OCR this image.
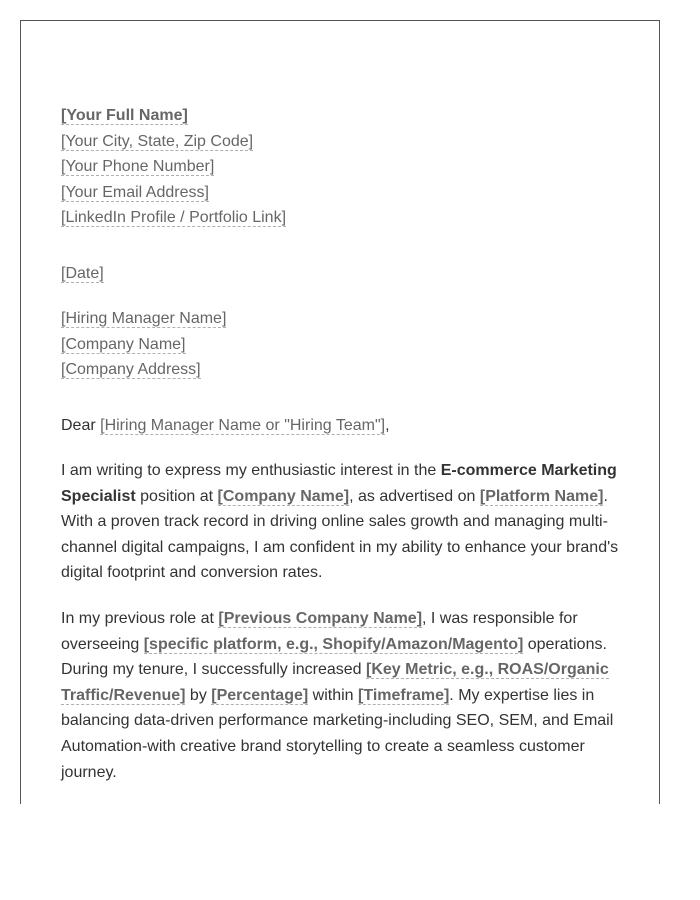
[Your Full Name]
[Your City, State, Zip Code]
[Your Phone Number]
[Your Email Address]
[LinkedIn Profile / Portfolio Link]
[Date]
[Hiring Manager Name]
[Company Name]
[Company Address]
Dear [Hiring Manager Name or "Hiring Team"],
I am writing to express my enthusiastic interest in the E-commerce Marketing Specialist position at [Company Name], as advertised on [Platform Name]. With a proven track record in driving online sales growth and managing multi-channel digital campaigns, I am confident in my ability to enhance your brand's digital footprint and conversion rates.
In my previous role at [Previous Company Name], I was responsible for overseeing [specific platform, e.g., Shopify/Amazon/Magento] operations. During my tenure, I successfully increased [Key Metric, e.g., ROAS/Organic Traffic/Revenue] by [Percentage] within [Timeframe]. My expertise lies in balancing data-driven performance marketing-including SEO, SEM, and Email Automation-with creative brand storytelling to create a seamless customer journey.
